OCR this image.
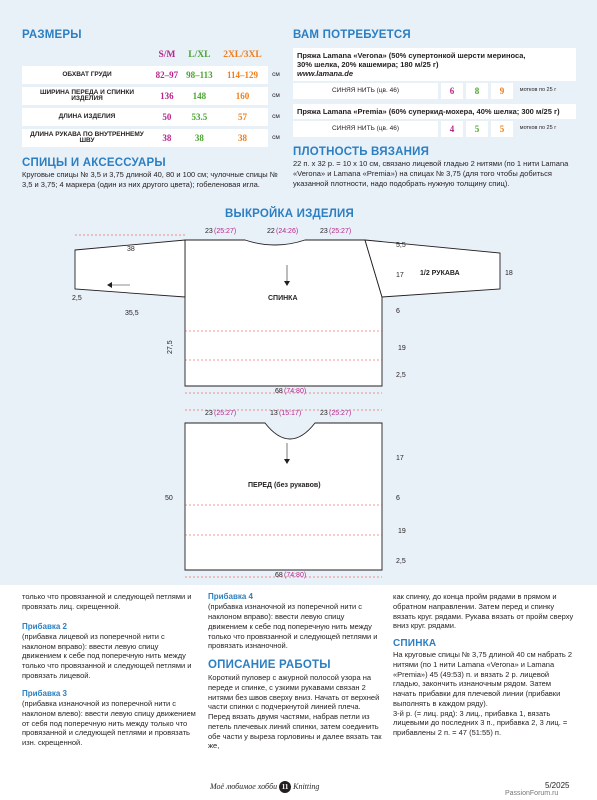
РАЗМЕРЫ
	S/M	L/XL	2XL/3XL	
ОБХВАТ ГРУДИ	82–97	98–113	114–129	см
ШИРИНА ПЕРЕДА И СПИНКИ ИЗДЕЛИЯ	136	148	160	см
ДЛИНА ИЗДЕЛИЯ	50	53.5	57	см
ДЛИНА РУКАВА ПО ВНУТРЕННЕМУ ШВУ	38	38	38	см
ВАМ ПОТРЕБУЕТСЯ
Пряжа Lamana «Verona» (50% супертонкой шерсти мериноса,
30% шелка, 20% кашемира; 180 м/25 г)
www.lamana.de
СИНЯЯ НИТЬ (цв. 46)	6	8	9	мотков по 25 г
Пряжа Lamana «Premia» (60% суперкид-мохера, 40% шелка; 300 м/25 г)
СИНЯЯ НИТЬ (цв. 46)	4	5	5	мотков по 25 г
СПИЦЫ И АКСЕССУАРЫ
Круговые спицы № 3,5 и 3,75 длиной 40, 80 и 100 см; чулочные спицы № 3,5 и 3,75; 4 маркера (один из них другого цвета); гобеленовая игла.
ПЛОТНОСТЬ ВЯЗАНИЯ
22 п. x 32 р. = 10 x 10 см, связано лицевой гладью 2 нитями (по 1 нити Lamana «Verona» и Lamana «Premia») на спицах № 3,75 (для того чтобы добиться указанной плотности, надо подобрать нужную толщину спиц).
ВЫКРОЙКА ИЗДЕЛИЯ
СПИНКА
ПЕРЕД (без рукавов)
1/2 РУКАВА
38
35,5
2,5
27,5
68 (74:80)
68 (74:80)
23 (25:27)	22 (24:26)	23 (25:27)
23 (25:27)	13 (15:17)	23 (25:27)
19
2,5
17
6
5,5
18
50
19
2,5
17
6

только что провязанной и следующей петлями и провязать лиц. скрещенной.

Прибавка 2

(прибавка лицевой из поперечной нити с наклоном вправо): ввести левую спицу движением к себе под поперечную нить между только что провязанной и следующей петлями и провязать лицевой.

Прибавка 3

(прибавка изнаночной из поперечной нити с наклоном влево): ввести левую спицу движением от себя под поперечную нить между только что провязанной и следующей петлями и провязать изн. скрещенной.

Прибавка 4

(прибавка изнаночной из поперечной нити с наклоном вправо): ввести левую спицу движением к себе под поперечную нить между только что провязанной и следующей петлями и провязать изнаночной.

ОПИСАНИЕ РАБОТЫ

Короткий пуловер с ажурной полосой узора на переде и спинке, с узкими рукавами связан 2 нитями без швов сверху вниз. Начать от верхней части спинки с подчеркнутой линией плеча. Перед вязать двумя частями, набрав петли из петель плечевых линий спинки, затем соединить обе части у выреза горловины и далее вязать так же,

как спинку, до конца пройм рядами в прямом и обратном направлении. Затем перед и спинку вязать круг. рядами. Рукава вязать от пройм сверху вниз круг. рядами.

СПИНКА

На круговые спицы № 3,75 длиной 40 см набрать 2 нитями (по 1 нити Lamana «Verona» и Lamana «Premia») 45 (49:53) п. и вязать 2 р. лицевой гладью, закончить изнаночным рядом. Затем начать прибавки для плечевой линии (прибавки выполнять в каждом ряду).

3-й р. (= лиц. ряд): 3 лиц., прибавка 1, вязать лицевыми до последних 3 п., прибавка 2, 3 лиц. = прибавлены 2 п. = 47 (51:55) п.

Моё любимое хобби 11 Knitting	5/2025
PassionForum.ru
